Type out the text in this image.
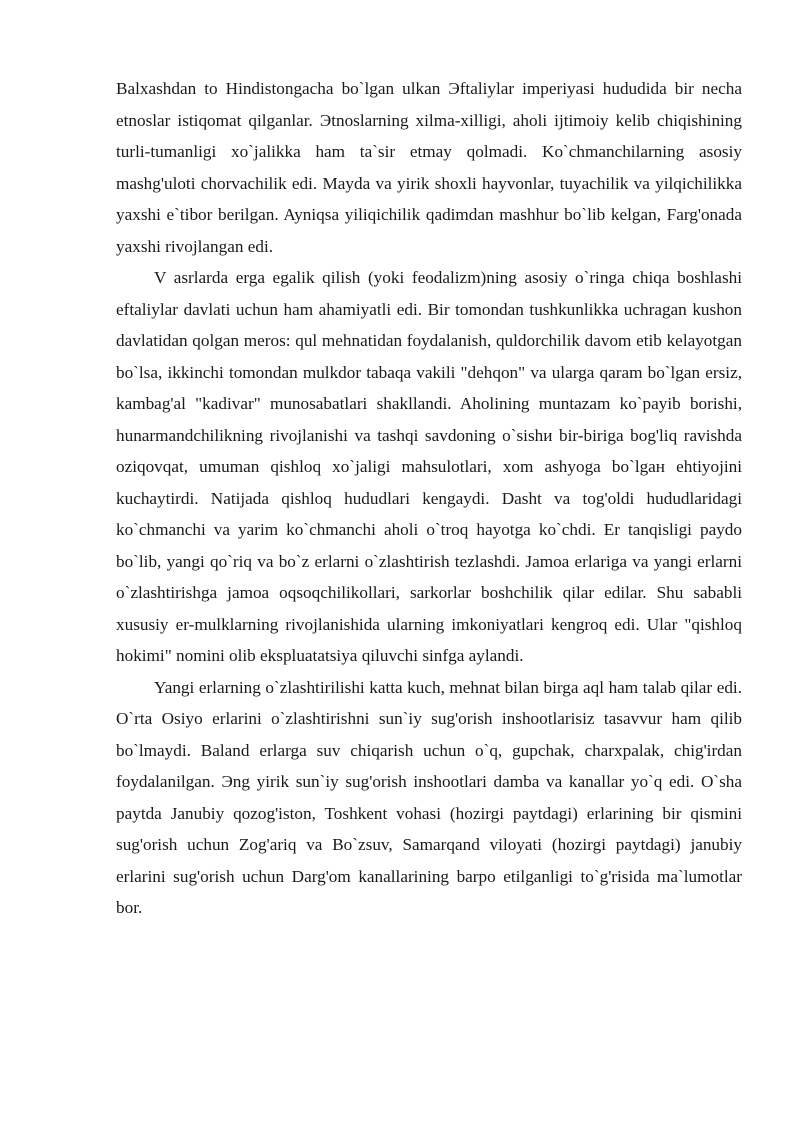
Balxashdan to Hindistongacha bo`lgan ulkan Эftaliylar imperiyasi hududida bir necha etnoslar istiqomat qilganlar. Эtnoslarning xilma-xilligi, aholi ijtimoiy kelib chiqishining turli-tumanligi xo`jalikka ham ta`sir etmay qolmadi. Ko`chmanchilarning asosiy mashg'uloti chorvachilik edi. Mayda va yirik shoxli hayvonlar, tuyachilik va yilqichilikka yaxshi e`tibor berilgan. Ayniqsa yiliqichilik qadimdan mashhur bo`lib kelgan, Farg'onada yaxshi rivojlangan edi.

V asrlarda erga egalik qilish (yoki feodalizm)ning asosiy o`ringa chiqa boshlashi eftaliylar davlati uchun ham ahamiyatli edi. Bir tomondan tushkunlikka uchragan kushon davlatidan qolgan meros: qul mehnatidan foydalanish, quldorchilik davom etib kelayotgan bo`lsa, ikkinchi tomondan mulkdor tabaqa vakili "dehqon" va ularga qaram bo`lgan ersiz, kambag'al "kadivar" munosabatlari shakllandi. Aholining muntazam ko`payib borishi, hunarmandchilikning rivojlanishi va tashqi savdoning o`sishи bir-biriga bog'liq ravishda oziqovqat, umuman qishloq xo`jaligi mahsulotlari, xom ashyoga bo`lgaн ehtiyojini kuchaytirdi. Natijada qishloq hududlari kengaydi. Dasht va tog'oldi hududlaridagi ko`chmanchi va yarim ko`chmanchi aholi o`troq hayotga ko`chdi. Er tanqisligi paydo bo`lib, yangi qo`riq va bo`z erlarni o`zlashtirish tezlashdi. Jamoa erlariga va yangi erlarni o`zlashtirishga jamoa oqsoqchilikollari, sarkorlar boshchilik qilar edilar. Shu sababli xususiy er-mulklarning rivojlanishida ularning imkoniyatlari kengroq edi. Ular "qishloq hokimi" nomini olib ekspluatatsiya qiluvchi sinfga aylandi.

Yangi erlarning o`zlashtirilishi katta kuch, mehnat bilan birga aql ham talab qilar edi. O`rta Osiyo erlarini o`zlashtirishni sun`iy sug'orish inshootlarisiz tasavvur ham qilib bo`lmaydi. Baland erlarga suv chiqarish uchun o`q, gupchak, charxpalak, chig'irdan foydalanilgan. Эng yirik sun`iy sug'orish inshootlari damba va kanallar yo`q edi. O`sha paytda Janubiy qozog'iston, Toshkent vohasi (hozirgi paytdagi) erlarining bir qismini sug'orish uchun Zog'ariq va Bo`zsuv, Samarqand viloyati (hozirgi paytdagi) janubiy erlarini sug'orish uchun Darg'om kanallarining barpo etilganligi to`g'risida ma`lumotlar bor.
